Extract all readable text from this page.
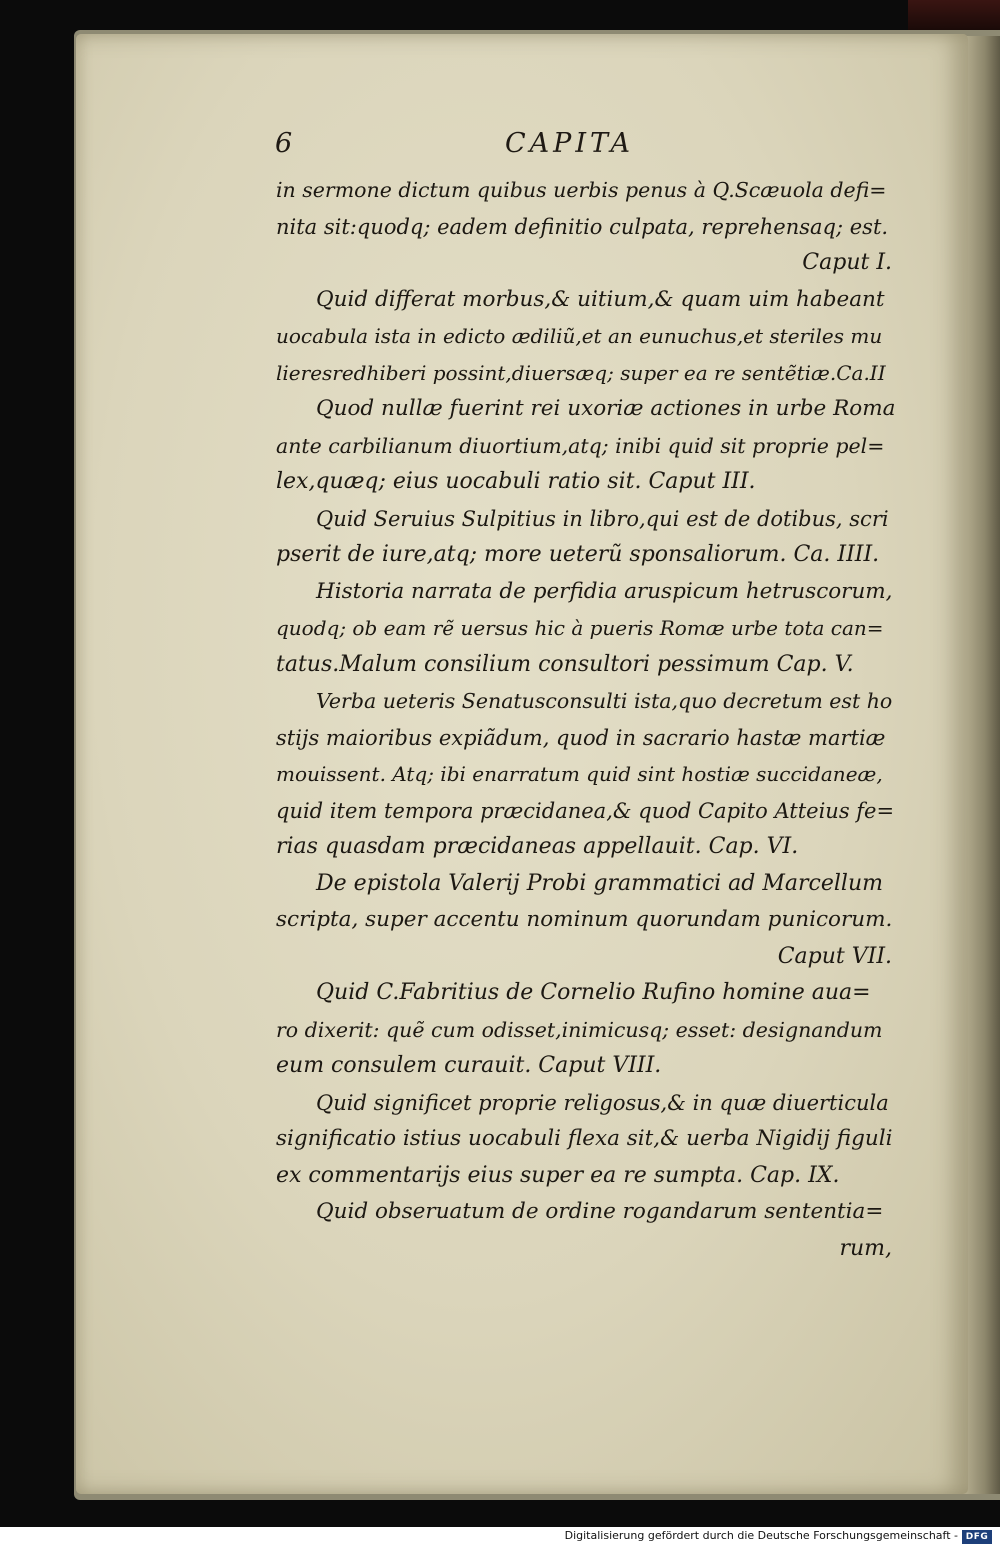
6	CAPITA
in sermone dictum quibus uerbis penus à Q.Scæuola defi=
nita sit:quodq; eadem definitio culpata, reprehensaq; est.
Caput I.
Quid differat morbus,& uitium,& quam uim habeant
uocabula ista in edicto ædiliũ,et an eunuchus,et steriles mu
lieresredhiberi possint,diuersæq; super ea re sentẽtiæ.Ca.II
Quod nullæ fuerint rei uxoriæ actiones in urbe Roma
ante carbilianum diuortium,atq; inibi quid sit proprie pel=
lex,quæq; eius uocabuli ratio sit. Caput III.
Quid Seruius Sulpitius in libro,qui est de dotibus, scri
pserit de iure,atq; more ueterũ sponsaliorum. Ca. IIII.
Historia narrata de perfidia aruspicum hetruscorum,
quodq; ob eam rẽ uersus hic à pueris Romæ urbe tota can=
tatus.Malum consilium consultori pessimum Cap. V.
Verba ueteris Senatusconsulti ista,quo decretum est ho
stijs maioribus expiãdum, quod in sacrario hastæ martiæ
mouissent. Atq; ibi enarratum quid sint hostiæ succidaneæ,
quid item tempora præcidanea,& quod Capito Atteius fe=
rias quasdam præcidaneas appellauit. Cap. VI.
De epistola Valerij Probi grammatici ad Marcellum
scripta, super accentu nominum quorundam punicorum.
Caput VII.
Quid C.Fabritius de Cornelio Rufino homine aua=
ro dixerit: quẽ cum odisset,inimicusq; esset: designandum
eum consulem curauit. Caput VIII.
Quid significet proprie religosus,& in quæ diuerticula
significatio istius uocabuli flexa sit,& uerba Nigidij figuli
ex commentarijs eius super ea re sumpta. Cap. IX.
Quid obseruatum de ordine rogandarum sententia=
rum,
Digitalisierung gefördert durch die Deutsche Forschungsgemeinschaft - DFG
